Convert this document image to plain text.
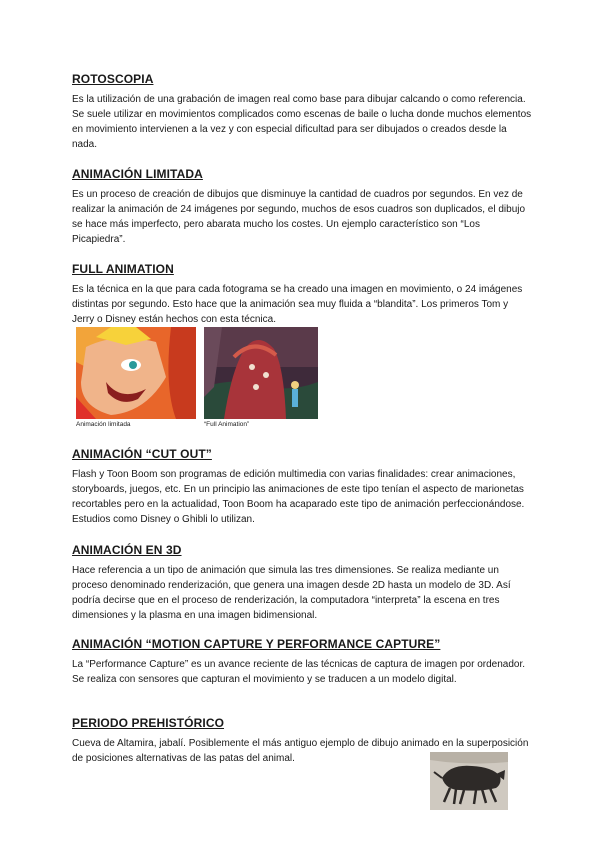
ROTOSCOPIA

Es la utilización de una grabación de imagen real como base para dibujar calcando o como referencia. Se suele utilizar en movimientos complicados como escenas de baile o lucha donde muchos elementos en movimiento intervienen a la vez y con especial dificultad para ser dibujados o creados desde la nada.

ANIMACIÓN LIMITADA

Es un proceso de creación de dibujos que disminuye la cantidad de cuadros por segundos. En vez de realizar la animación de 24 imágenes por segundo, muchos de esos cuadros son duplicados, el dibujo se hace más imperfecto, pero abarata mucho los costes. Un ejemplo característico son “Los Picapiedra”.

FULL ANIMATION

Es la técnica en la que para cada fotograma se ha creado una imagen en movimiento, o 24 imágenes distintas por segundo. Esto hace que la animación sea muy fluida a “blandita”. Los primeros Tom y Jerry o Disney están hechos con esta técnica.

Animación limitada	“Full Animation”
ANIMACIÓN “CUT OUT”

Flash y Toon Boom son programas de edición multimedia con varias finalidades: crear animaciones, storyboards, juegos, etc. En un principio las animaciones de este tipo tenían el aspecto de marionetas recortables pero en la actualidad, Toon Boom ha acaparado este tipo de animación perfeccionándose. Estudios como Disney o Ghibli lo utilizan.

ANIMACIÓN EN 3D

Hace referencia a un tipo de animación que simula las tres dimensiones. Se realiza mediante un proceso denominado renderización, que genera una imagen desde 2D hasta un modelo de 3D. Así podría decirse que en el proceso de renderización, la computadora “interpreta” la escena en tres dimensiones y la plasma en una imagen bidimensional.

ANIMACIÓN “MOTION CAPTURE Y PERFORMANCE CAPTURE”

La “Performance Capture” es un avance reciente de las técnicas de captura de imagen por ordenador. Se realiza con sensores que capturan el movimiento y se traducen a un modelo digital.

PERIODO PREHISTÓRICO

Cueva de Altamira, jabalí. Posiblemente el más antiguo ejemplo de dibujo animado en la superposición de posiciones alternativas de las patas del animal.
